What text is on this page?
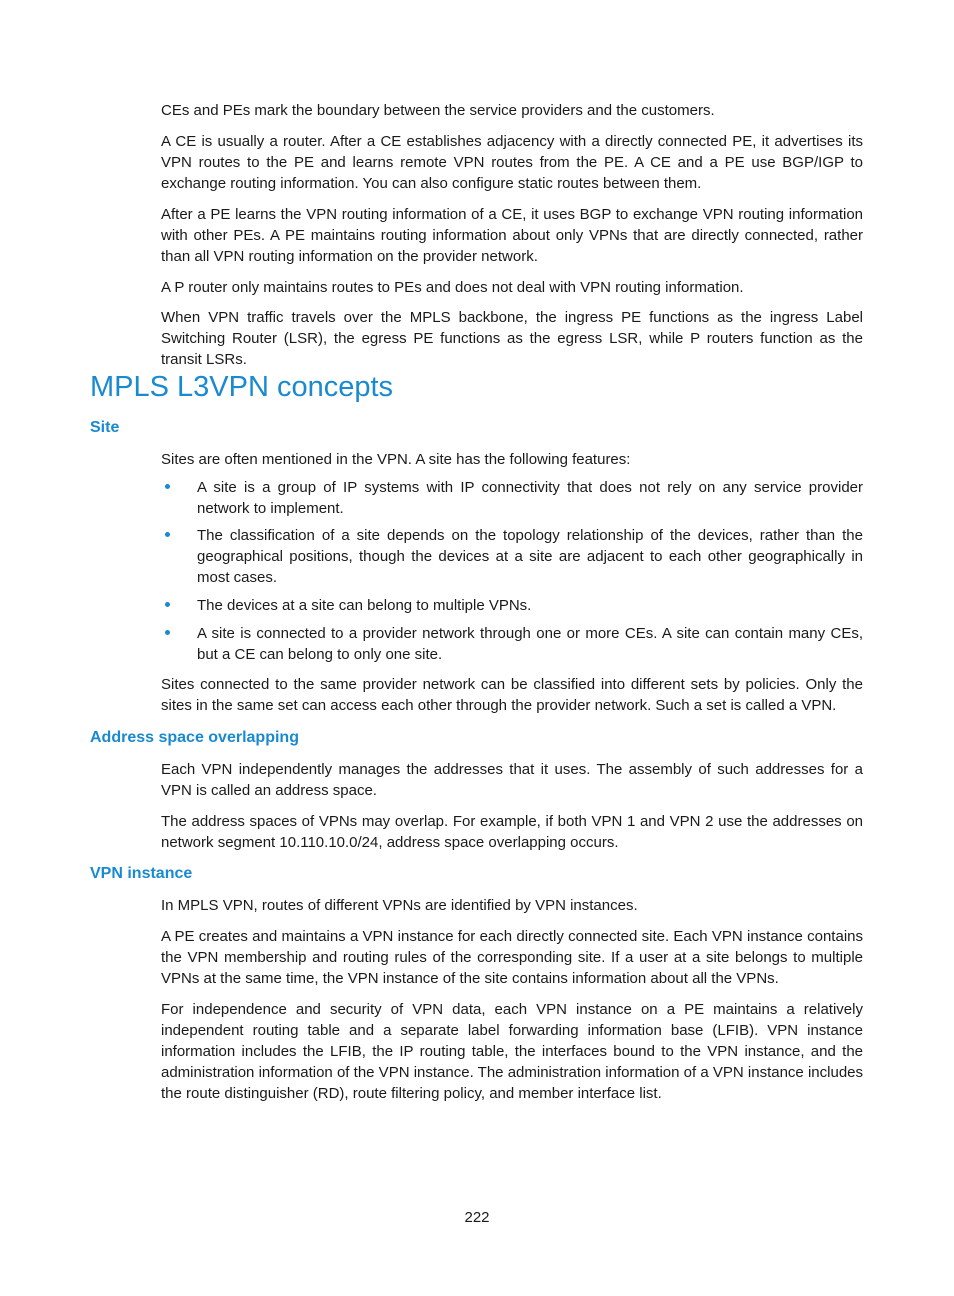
CEs and PEs mark the boundary between the service providers and the customers.

A CE is usually a router. After a CE establishes adjacency with a directly connected PE, it advertises its VPN routes to the PE and learns remote VPN routes from the PE. A CE and a PE use BGP/IGP to exchange routing information. You can also configure static routes between them.

After a PE learns the VPN routing information of a CE, it uses BGP to exchange VPN routing information with other PEs. A PE maintains routing information about only VPNs that are directly connected, rather than all VPN routing information on the provider network.

A P router only maintains routes to PEs and does not deal with VPN routing information.

When VPN traffic travels over the MPLS backbone, the ingress PE functions as the ingress Label Switching Router (LSR), the egress PE functions as the egress LSR, while P routers function as the transit LSRs.

MPLS L3VPN concepts
Site

Sites are often mentioned in the VPN. A site has the following features:

A site is a group of IP systems with IP connectivity that does not rely on any service provider network to implement.
The classification of a site depends on the topology relationship of the devices, rather than the geographical positions, though the devices at a site are adjacent to each other geographically in most cases.
The devices at a site can belong to multiple VPNs.
A site is connected to a provider network through one or more CEs. A site can contain many CEs, but a CE can belong to only one site.

Sites connected to the same provider network can be classified into different sets by policies. Only the sites in the same set can access each other through the provider network. Such a set is called a VPN.

Address space overlapping

Each VPN independently manages the addresses that it uses. The assembly of such addresses for a VPN is called an address space.

The address spaces of VPNs may overlap. For example, if both VPN 1 and VPN 2 use the addresses on network segment 10.110.10.0/24, address space overlapping occurs.

VPN instance

In MPLS VPN, routes of different VPNs are identified by VPN instances.

A PE creates and maintains a VPN instance for each directly connected site. Each VPN instance contains the VPN membership and routing rules of the corresponding site. If a user at a site belongs to multiple VPNs at the same time, the VPN instance of the site contains information about all the VPNs.

For independence and security of VPN data, each VPN instance on a PE maintains a relatively independent routing table and a separate label forwarding information base (LFIB). VPN instance information includes the LFIB, the IP routing table, the interfaces bound to the VPN instance, and the administration information of the VPN instance. The administration information of a VPN instance includes the route distinguisher (RD), route filtering policy, and member interface list.

222
